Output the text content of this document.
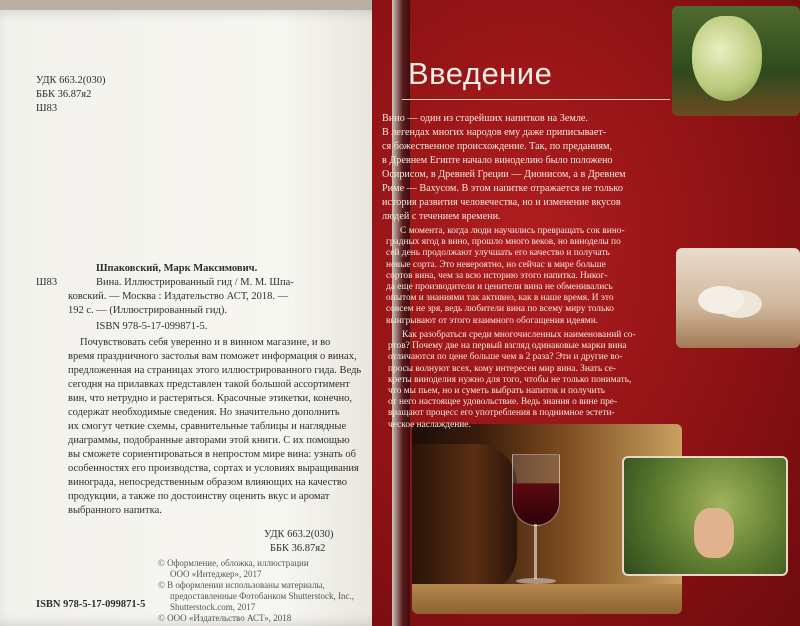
УДК 663.2(030)
ББК 36.87я2
Ш83
Шпаковский, Марк Максимович.
Ш83	Вина. Иллюстрированный гид / М. М. Шпа-
ковский. — Москва : Издательство АСТ, 2018. —
192 с. — (Иллюстрированный гид).
ISBN 978-5-17-099871-5.
Почувствовать себя уверенно и в винном магазине, и во
время праздничного застолья вам поможет информация о винах,
предложенная на страницах этого иллюстрированного гида. Ведь
сегодня на прилавках представлен такой большой ассортимент
вин, что нетрудно и растеряться. Красочные этикетки, конечно,
содержат необходимые сведения. Но значительно дополнить
их смогут четкие схемы, сравнительные таблицы и наглядные
диаграммы, подобранные авторами этой книги. С их помощью
вы сможете сориентироваться в непростом мире вина: узнать об
особенностях его производства, сортах и условиях выращивания
винограда, непосредственным образом влияющих на качество
продукции, а также по достоинству оценить вкус и аромат
выбранного напитка.
УДК 663.2(030)
ББК 36.87я2
© Оформление, обложка, иллюстрации
ООО «Интеджер», 2017
© В оформлении использованы материалы,
предоставленные Фотобанком Shutterstock, Inc.,
Shutterstock.com, 2017
© ООО «Издательство АСТ», 2018
ISBN 978-5-17-099871-5
Введение
Вино — один из старейших напитков на Земле.
В легендах многих народов ему даже приписывает-
ся божественное происхождение. Так, по преданиям,
в Древнем Египте начало виноделию было положено
Осирисом, в Древней Греции — Дионисом, а в Древнем
Риме — Вахусом. В этом напитке отражается не только
история развития человечества, но и изменение вкусов
людей с течением времени.
С момента, когда люди научились превращать сок вино-
градных ягод в вино, прошло много веков, но виноделы по
сей день продолжают улучшать его качество и получать
новые сорта. Это невероятно, но сейчас в мире больше
сортов вина, чем за всю историю этого напитка. Никог-
да еще производители и ценители вина не обменивались
опытом и знаниями так активно, как в наше время. И это
совсем не зря, ведь любители вина по всему миру только
выигрывают от этого взаимного обогащения идеями.
Как разобраться среди многочисленных наименований со-
ртов? Почему две на первый взгляд одинаковые марки вина
отличаются по цене больше чем в 2 раза? Эти и другие во-
просы волнуют всех, кому интересен мир вина. Знать се-
креты виноделия нужно для того, чтобы не только понимать,
что мы пьем, но и суметь выбрать напиток и получить
от него настоящее удовольствие. Ведь знания о вине пре-
вращают процесс его употребления в поднимное эстети-
ческое наслаждение.
